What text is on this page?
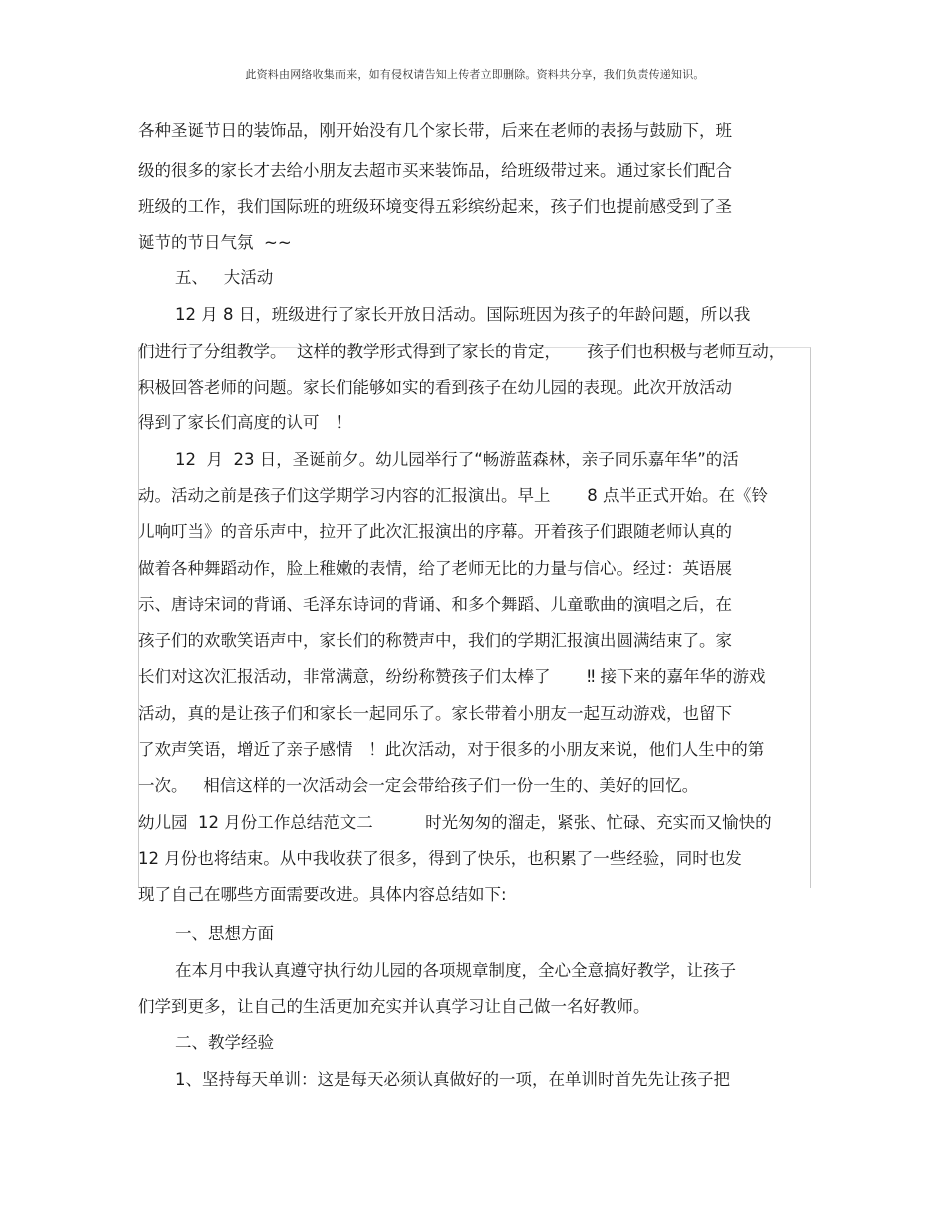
此资料由网络收集而来，如有侵权请告知上传者立即删除。资料共分享，我们负责传递知识。
各种圣诞节日的装饰品，刚开始没有几个家长带，后来在老师的表扬与鼓励下，班
级的很多的家长才去给小朋友去超市买来装饰品，给班级带过来。通过家长们配合
班级的工作，我们国际班的班级环境变得五彩缤纷起来，孩子们也提前感受到了圣
诞节的节日气氛  ~~
五、   大活动
12 月 8 日，班级进行了家长开放日活动。国际班因为孩子的年龄问题，所以我
们进行了分组教学。  这样的教学形式得到了家长的肯定，     孩子们也积极与老师互动，
积极回答老师的问题。家长们能够如实的看到孩子在幼儿园的表现。此次开放活动
得到了家长们高度的认可   ！
12  月  23 日，圣诞前夕。幼儿园举行了“畅游蓝森林，亲子同乐嘉年华”的活
动。活动之前是孩子们这学期学习内容的汇报演出。早上       8 点半正式开始。在《铃
儿响叮当》的音乐声中，拉开了此次汇报演出的序幕。开着孩子们跟随老师认真的
做着各种舞蹈动作，脸上稚嫩的表情，给了老师无比的力量与信心。经过：英语展
示、唐诗宋词的背诵、毛泽东诗词的背诵、和多个舞蹈、儿童歌曲的演唱之后，在
孩子们的欢歌笑语声中，家长们的称赞声中，我们的学期汇报演出圆满结束了。家
长们对这次汇报活动，非常满意，纷纷称赞孩子们太棒了       ‼ 接下来的嘉年华的游戏
活动，真的是让孩子们和家长一起同乐了。家长带着小朋友一起互动游戏，也留下
了欢声笑语，增近了亲子感情   ！此次活动，对于很多的小朋友来说，他们人生中的第
一次。   相信这样的一次活动会一定会带给孩子们一份一生的、美好的回忆。
幼儿园  12 月份工作总结范文二          时光匆匆的溜走，紧张、忙碌、充实而又愉快的
12 月份也将结束。从中我收获了很多，得到了快乐，也积累了一些经验，同时也发
现了自己在哪些方面需要改进。具体内容总结如下:
一、思想方面
在本月中我认真遵守执行幼儿园的各项规章制度，全心全意搞好教学，让孩子
们学到更多，让自己的生活更加充实并认真学习让自己做一名好教师。
二、教学经验
1、坚持每天单训：这是每天必须认真做好的一项，在单训时首先先让孩子把
